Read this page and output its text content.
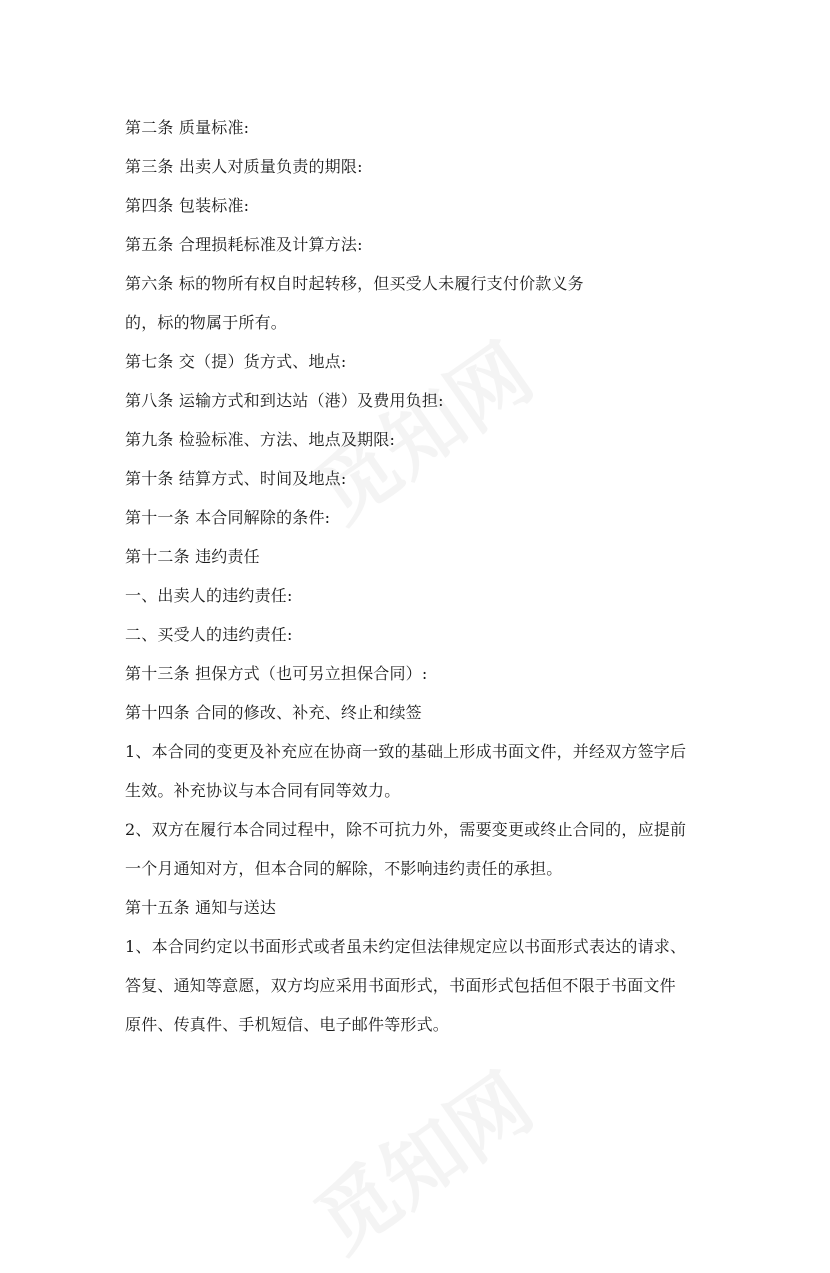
第二条 质量标准:
第三条 出卖人对质量负责的期限:
第四条 包装标准:
第五条 合理损耗标准及计算方法:
第六条 标的物所有权自时起转移，但买受人未履行支付价款义务
的，标的物属于所有。
第七条 交（提）货方式、地点:
第八条 运输方式和到达站（港）及费用负担:
第九条 检验标准、方法、地点及期限:
第十条 结算方式、时间及地点:
第十一条 本合同解除的条件:
第十二条 违约责任
一、出卖人的违约责任:
二、买受人的违约责任:
第十三条 担保方式（也可另立担保合同）:
第十四条 合同的修改、补充、终止和续签
1、本合同的变更及补充应在协商一致的基础上形成书面文件，并经双方签字后
生效。补充协议与本合同有同等效力。
2、双方在履行本合同过程中，除不可抗力外，需要变更或终止合同的，应提前
一个月通知对方，但本合同的解除，不影响违约责任的承担。
第十五条 通知与送达
1、本合同约定以书面形式或者虽未约定但法律规定应以书面形式表达的请求、
答复、通知等意愿，双方均应采用书面形式，书面形式包括但不限于书面文件
原件、传真件、手机短信、电子邮件等形式。
